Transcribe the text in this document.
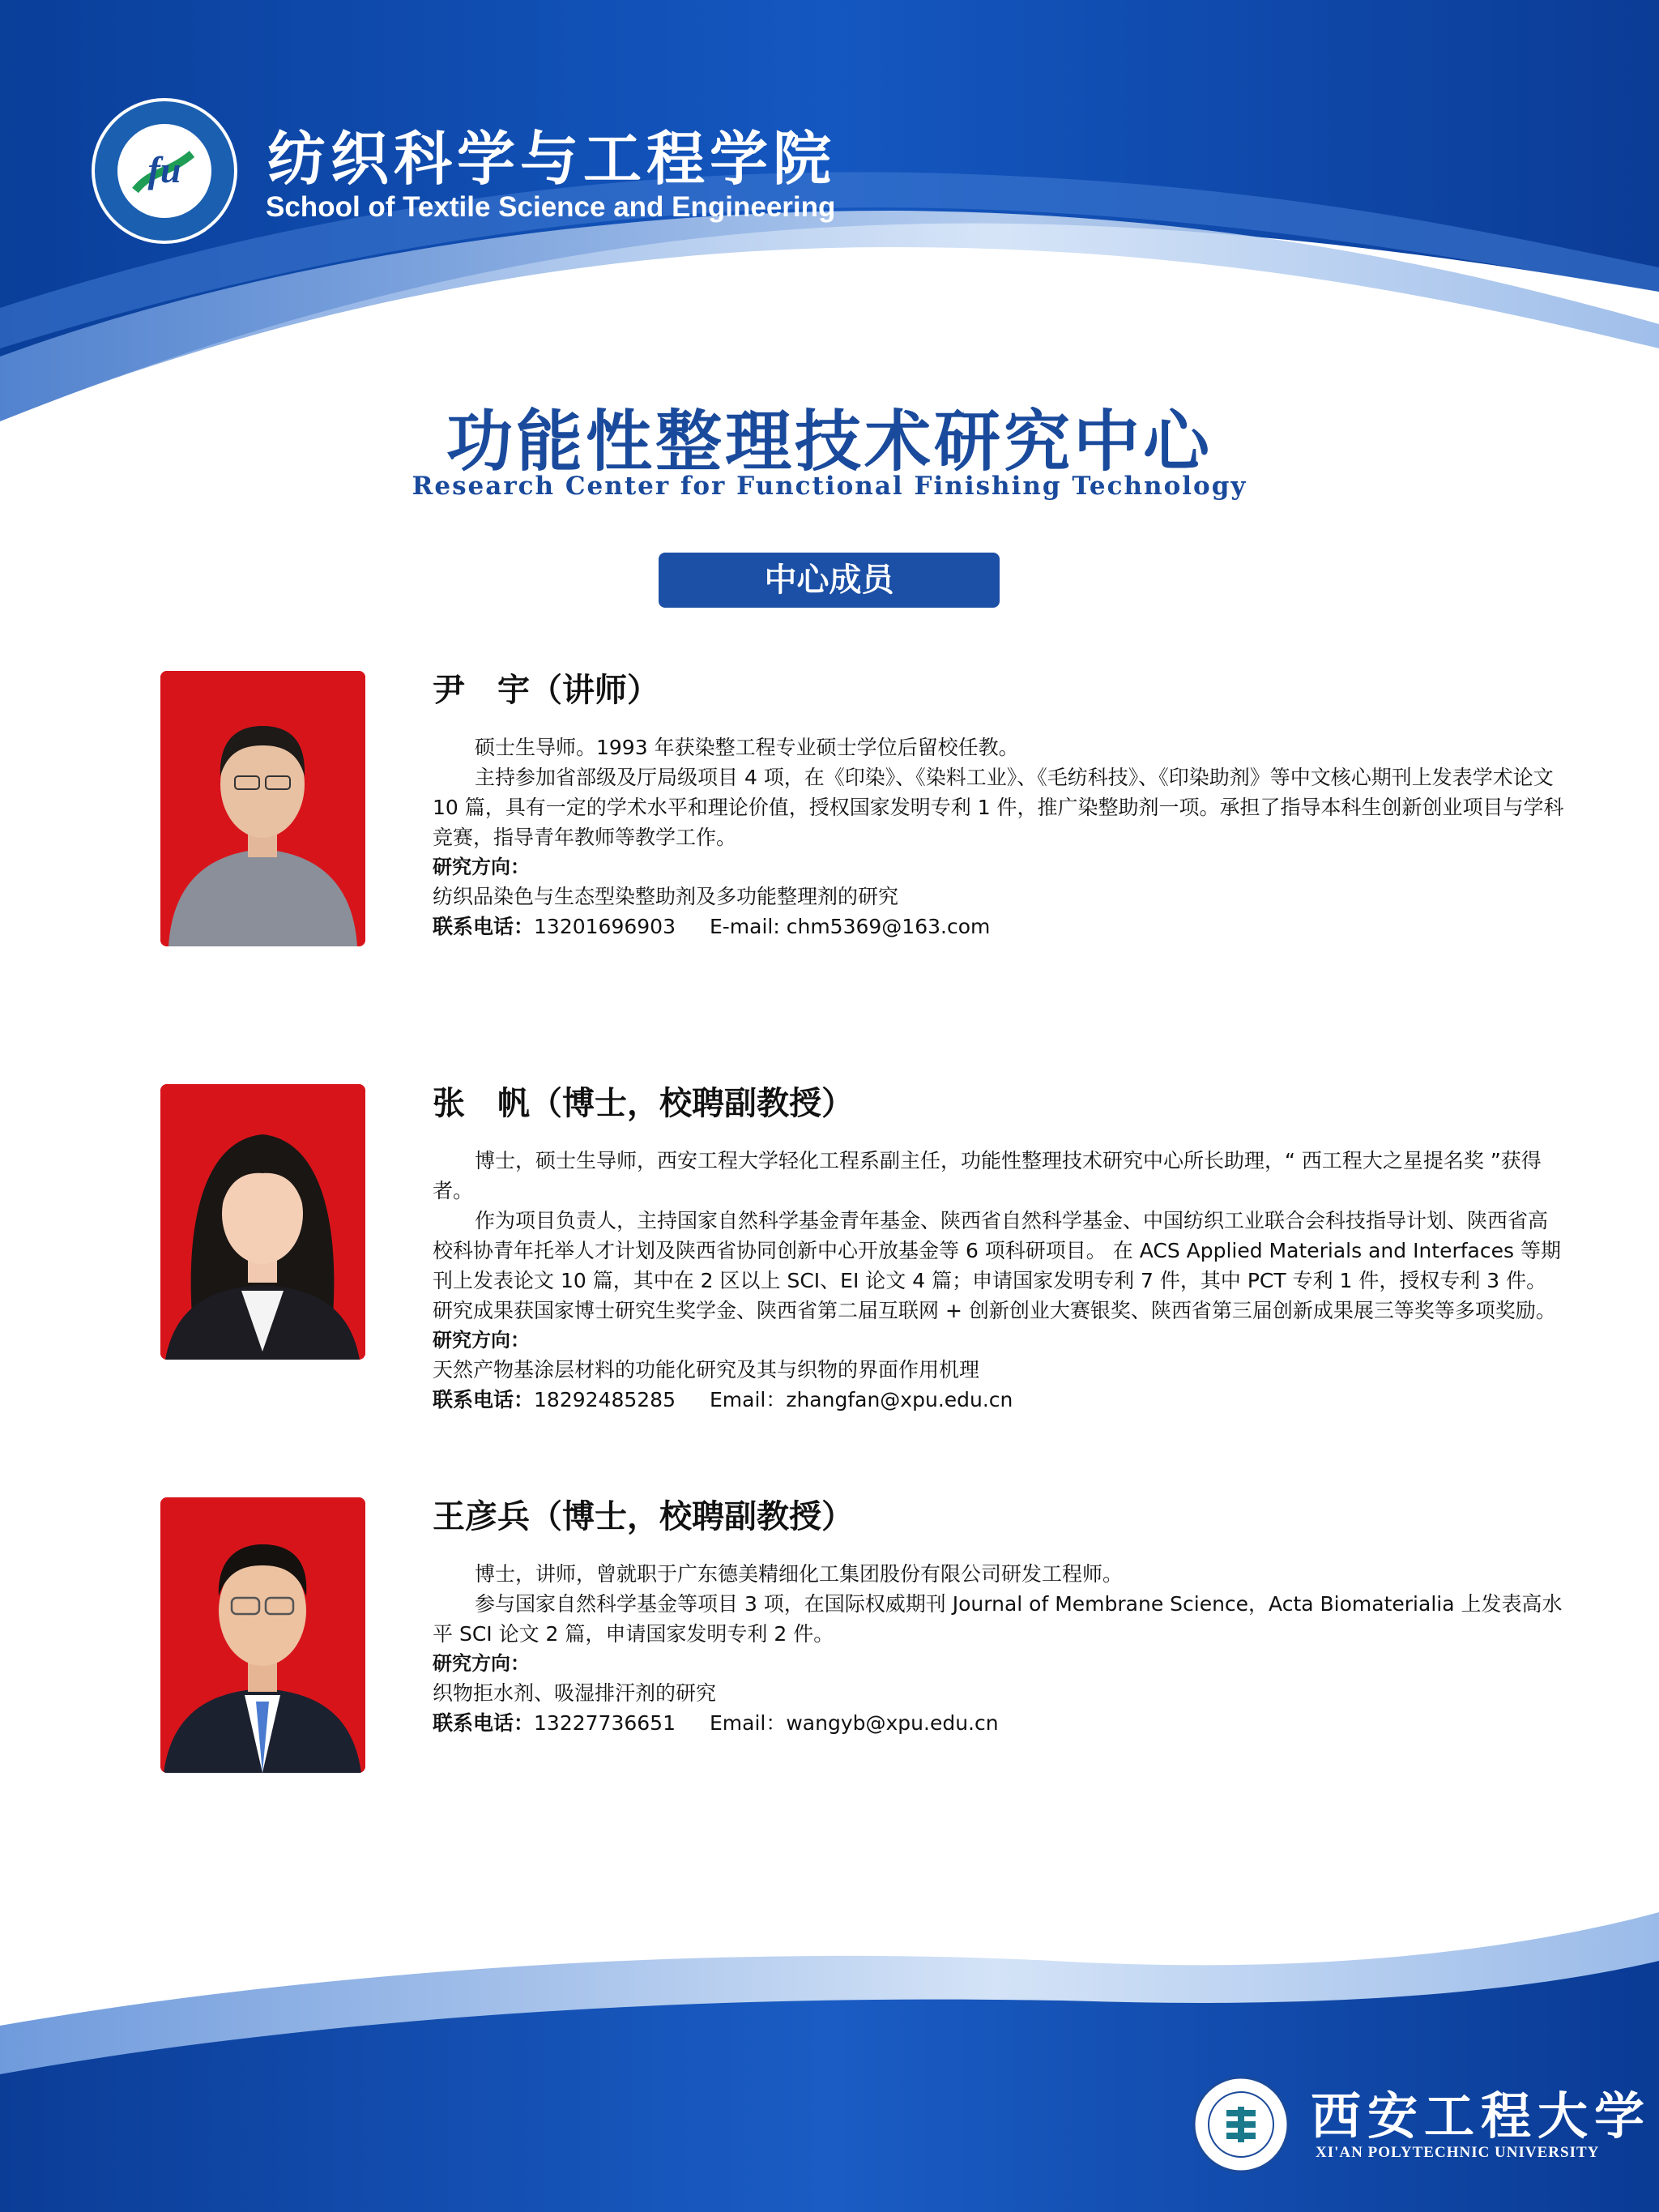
fu 纺织科学与工程学院
School of Textile Science and Engineering
功能性整理技术研究中心
Research Center for Functional Finishing Technology
中心成员
尹　宇（讲师）

硕士生导师。1993 年获染整工程专业硕士学位后留校任教。

主持参加省部级及厅局级项目 4 项，在《印染》、《染料工业》、《毛纺科技》、《印染助剂》等中文核心期刊上发表学术论文 10 篇，具有一定的学术水平和理论价值，授权国家发明专利 1 件，推广染整助剂一项。承担了指导本科生创新创业项目与学科竞赛，指导青年教师等教学工作。

研究方向：
纺织品染色与生态型染整助剂及多功能整理剂的研究
联系电话：13201696903 E-mail: chm5369@163.com
张　帆（博士，校聘副教授）

博士，硕士生导师，西安工程大学轻化工程系副主任，功能性整理技术研究中心所长助理，“ 西工程大之星提名奖 ”获得者。

作为项目负责人，主持国家自然科学基金青年基金、陕西省自然科学基金、中国纺织工业联合会科技指导计划、陕西省高校科协青年托举人才计划及陕西省协同创新中心开放基金等 6 项科研项目。 在 ACS Applied Materials and Interfaces 等期刊上发表论文 10 篇，其中在 2 区以上 SCI、EI 论文 4 篇；申请国家发明专利 7 件，其中 PCT 专利 1 件，授权专利 3 件。研究成果获国家博士研究生奖学金、陕西省第二届互联网 + 创新创业大赛银奖、陕西省第三届创新成果展三等奖等多项奖励。

研究方向：
天然产物基涂层材料的功能化研究及其与织物的界面作用机理
联系电话：18292485285 Email：zhangfan@xpu.edu.cn
王彦兵（博士，校聘副教授）

博士，讲师，曾就职于广东德美精细化工集团股份有限公司研发工程师。

参与国家自然科学基金等项目 3 项，在国际权威期刊 Journal of Membrane Science，Acta Biomaterialia 上发表高水平 SCI 论文 2 篇，申请国家发明专利 2 件。

研究方向：
织物拒水剂、吸湿排汗剂的研究
联系电话：13227736651 Email：wangyb@xpu.edu.cn
西安工程大学
XI'AN POLYTECHNIC UNIVERSITY
